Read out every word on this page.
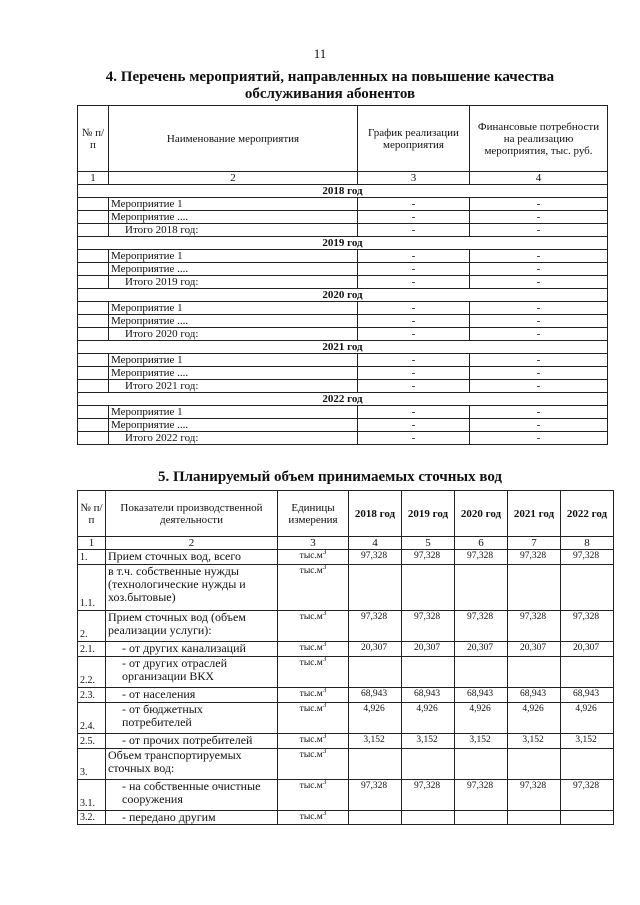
11
4. Перечень мероприятий, направленных на повышение качества обслуживания абонентов
№ п/п	Наименование мероприятия	График реализации мероприятия	Финансовые потребности на реализацию мероприятия, тыс. руб.
1	2	3	4
2018 год			
	Мероприятие 1	-	-
	Мероприятие ....	-	-
	Итого 2018 год:	-	-
2019 год			
	Мероприятие 1	-	-
	Мероприятие ....	-	-
	Итого 2019 год:	-	-
2020 год			
	Мероприятие 1	-	-
	Мероприятие ....	-	-
	Итого 2020 год:	-	-
2021 год			
	Мероприятие 1	-	-
	Мероприятие ....	-	-
	Итого 2021 год:	-	-
2022 год			
	Мероприятие 1	-	-
	Мероприятие ....	-	-
	Итого 2022 год:	-	-
5. Планируемый объем принимаемых сточных вод
№ п/п	Показатели производственной деятельности	Единицы измерения	2018 год	2019 год	2020 год	2021 год	2022 год
1	2	3	4	5	6	7	8
1.	Прием сточных вод, всего	$тыс.м^3$	97,328	97,328	97,328	97,328	97,328
1.1.	в т.ч. собственные нужды (технологические нужды и хоз.бытовые)	$тыс.м^3$					
2.	Прием сточных вод (объем реализации услуги):	$тыс.м^3$	97,328	97,328	97,328	97,328	97,328
2.1.	- от других канализаций	$тыс.м^3$	20,307	20,307	20,307	20,307	20,307
2.2.	- от других отраслей организации ВКХ	$тыс.м^3$					
2.3.	- от населения	$тыс.м^3$	68,943	68,943	68,943	68,943	68,943
2.4.	- от бюджетных потребителей	$тыс.м^3$	4,926	4,926	4,926	4,926	4,926
2.5.	- от прочих потребителей	$тыс.м^3$	3,152	3,152	3,152	3,152	3,152
3.	Объем транспортируемых сточных вод:	$тыс.м^3$					
3.1.	- на собственные очистные сооружения	$тыс.м^3$	97,328	97,328	97,328	97,328	97,328
3.2.	- передано другим	$тыс.м^3$					
